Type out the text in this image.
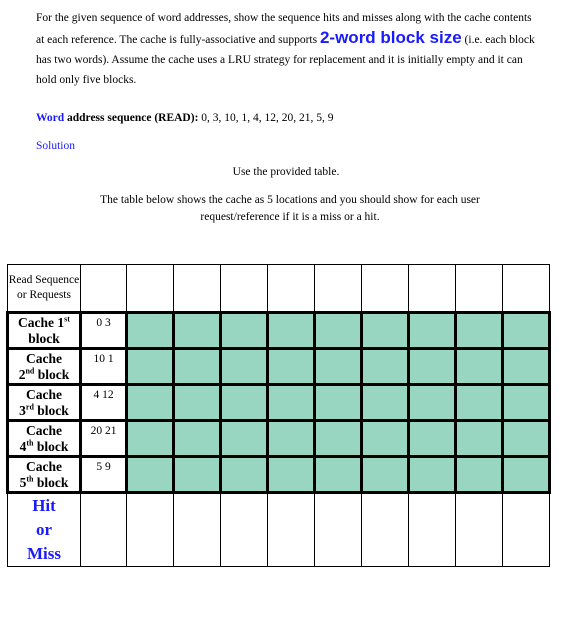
For the given sequence of word addresses, show the sequence hits and misses along with the cache contents at each reference. The cache is fully-associative and supports 2-word block size (i.e. each block has two words). Assume the cache uses a LRU strategy for replacement and it is initially empty and it can hold only five blocks.
Word address sequence (READ): 0, 3, 10, 1, 4, 12, 20, 21, 5, 9
Solution
Use the provided table.
The table below shows the cache as 5 locations and you should show for each user request/reference if it is a miss or a hit.
Read Sequence or Requests										
Cache 1st
block	0 3									
Cache
2nd block	10 1									
Cache
3rd block	4 12									
Cache
4th block	20 21									
Cache
5th block	5 9									

Hit
or
Miss										
